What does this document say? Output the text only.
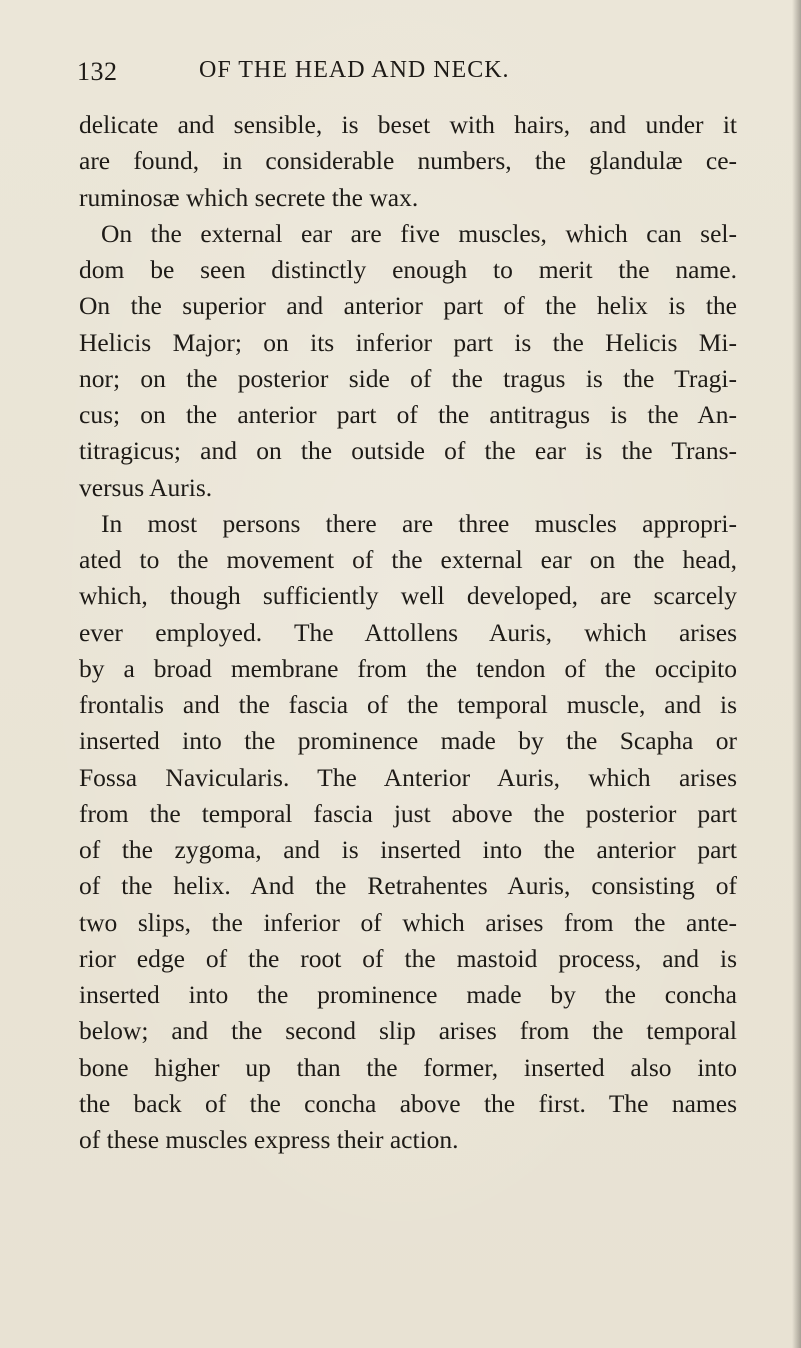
132	OF THE HEAD AND NECK.
delicate and sensible, is beset with hairs, and under it
are found, in considerable numbers, the glandulæ ce-
ruminosæ which secrete the wax.
On the external ear are five muscles, which can sel-
dom be seen distinctly enough to merit the name.
On the superior and anterior part of the helix is the
Helicis Major; on its inferior part is the Helicis Mi-
nor; on the posterior side of the tragus is the Tragi-
cus; on the anterior part of the antitragus is the An-
titragicus; and on the outside of the ear is the Trans-
versus Auris.
In most persons there are three muscles appropri-
ated to the movement of the external ear on the head,
which, though sufficiently well developed, are scarcely
ever employed. The Attollens Auris, which arises
by a broad membrane from the tendon of the occipito
frontalis and the fascia of the temporal muscle, and is
inserted into the prominence made by the Scapha or
Fossa Navicularis. The Anterior Auris, which arises
from the temporal fascia just above the posterior part
of the zygoma, and is inserted into the anterior part
of the helix. And the Retrahentes Auris, consisting of
two slips, the inferior of which arises from the ante-
rior edge of the root of the mastoid process, and is
inserted into the prominence made by the concha
below; and the second slip arises from the temporal
bone higher up than the former, inserted also into
the back of the concha above the first. The names
of these muscles express their action.
